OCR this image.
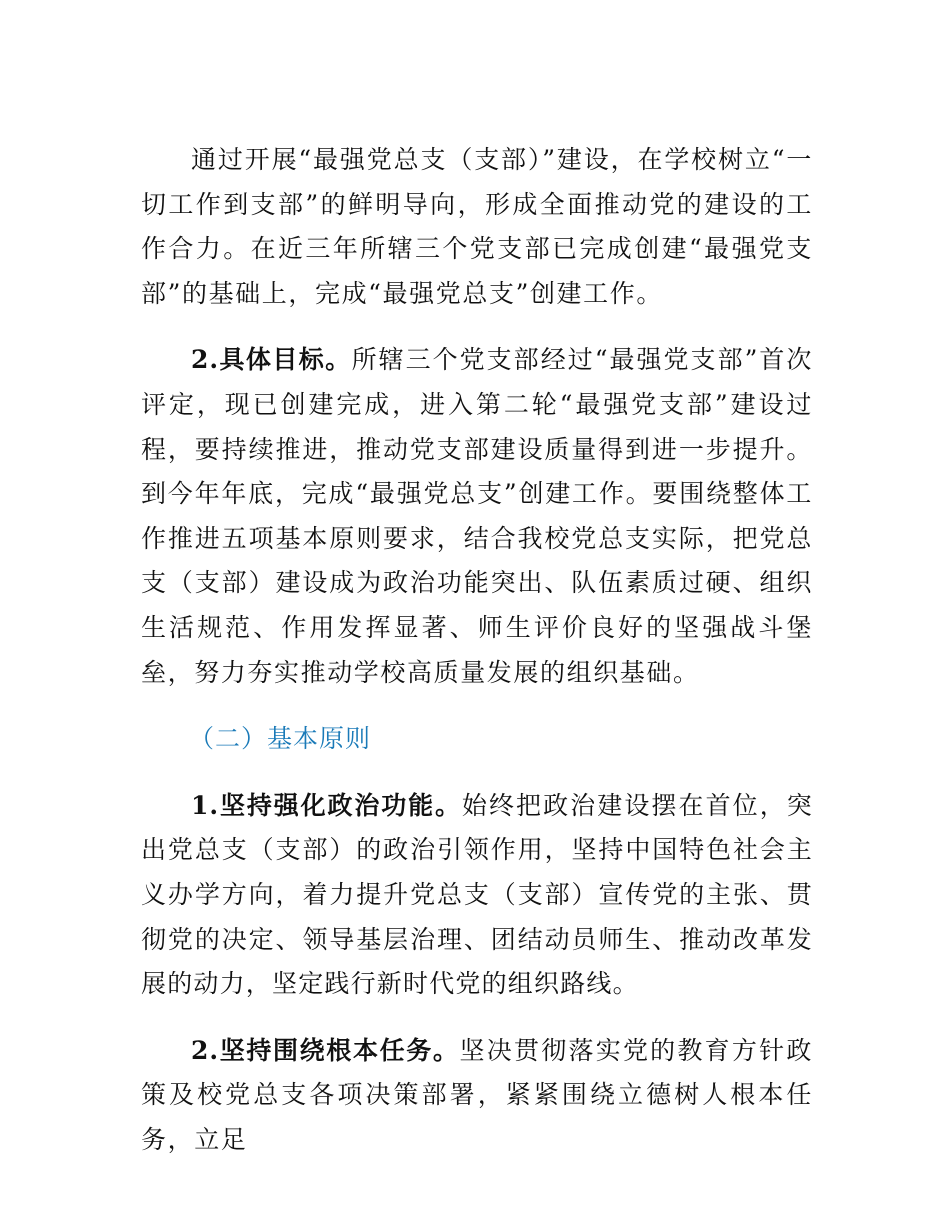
通过开展“最强党总支（支部）”建设，在学校树立“一切工作到支部”的鲜明导向，形成全面推动党的建设的工作合力。在近三年所辖三个党支部已完成创建“最强党支部”的基础上，完成“最强党总支”创建工作。

2.具体目标。所辖三个党支部经过“最强党支部”首次评定，现已创建完成，进入第二轮“最强党支部”建设过程，要持续推进，推动党支部建设质量得到进一步提升。到今年年底，完成“最强党总支”创建工作。要围绕整体工作推进五项基本原则要求，结合我校党总支实际，把党总支（支部）建设成为政治功能突出、队伍素质过硬、组织生活规范、作用发挥显著、师生评价良好的坚强战斗堡垒，努力夯实推动学校高质量发展的组织基础。

（二）基本原则

1.坚持强化政治功能。始终把政治建设摆在首位，突出党总支（支部）的政治引领作用，坚持中国特色社会主义办学方向，着力提升党总支（支部）宣传党的主张、贯彻党的决定、领导基层治理、团结动员师生、推动改革发展的动力，坚定践行新时代党的组织路线。

2.坚持围绕根本任务。坚决贯彻落实党的教育方针政策及校党总支各项决策部署，紧紧围绕立德树人根本任务，立足
